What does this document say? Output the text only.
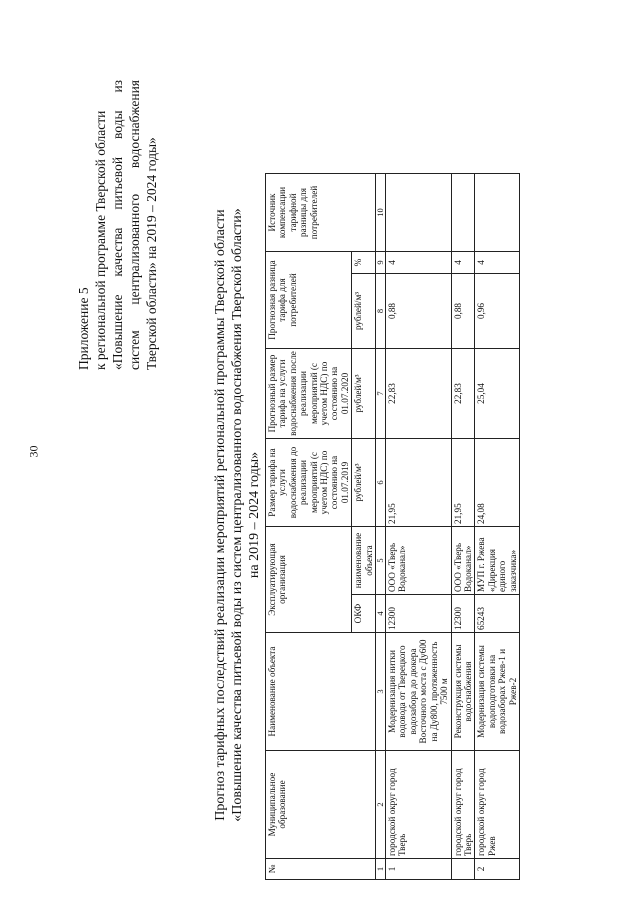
30
Приложение 5 к региональной программе Тверской области «Повышение качества питьевой воды из систем централизованного водоснабжения Тверской области» на 2019 – 2024 годы»	Прогноз тарифных последствий реализации мероприятий региональной программы Тверской области «Повышение качества питьевой воды из систем централизованного водоснабжения Тверской области» на 2019 – 2024 годы»
№	Муниципальное образование	Наименование объекта	Эксплуатирующая организация		Размер тарифа на услуги водоснабжения до реализации мероприятий (с учетом НДС) по состоянию на 01.07.2019	Прогнозный размер тарифа на услуги водоснабжения после реализации мероприятий (с учетом НДС) по состоянию на 01.07.2020	Прогнозная разница тарифа для потребителей		Источник компенсации тарифной разницы для потребителей
			ОКФ	наименование объекта	рублей/м³	рублей/м³	рублей/м³	%	
1	2	3	4	5	6	7	8	9	10
1	городской округ город Тверь	Модернизация нитки водовода от Тверецкого водозабора до дюкера Восточного моста с Ду600 на Ду800, протяженность 7500 м	12300	ООО «Тверь Водоканал»	21,95	22,83	0,88	4	
	городской округ город Тверь	Реконструкция системы водоснабжения	12300	ООО «Тверь Водоканал»	21,95	22,83	0,88	4	
2	городской округ город Ржев	Модернизация системы водоподготовки на водозаборах Ржев-1 и Ржев-2	65243	МУП г. Ржева «Дирекция единого заказчика»	24,08	25,04	0,96	4	
